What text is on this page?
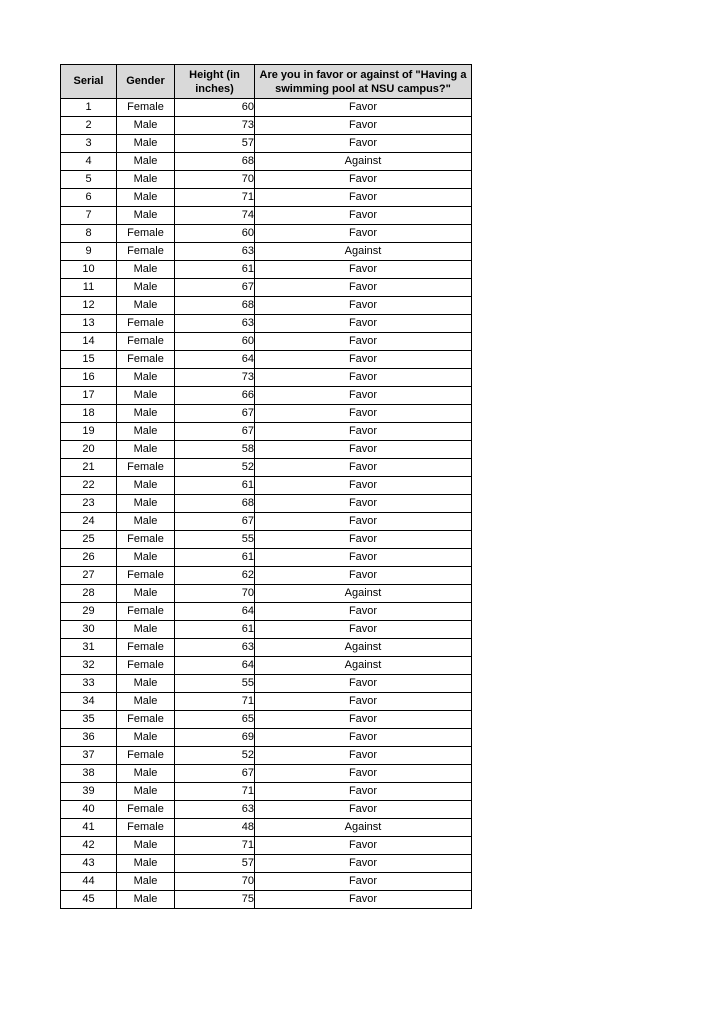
Serial	Gender	Height (in inches)	Are you in favor or against of "Having a swimming pool at NSU campus?"
1	Female	60	Favor
2	Male	73	Favor
3	Male	57	Favor
4	Male	68	Against
5	Male	70	Favor
6	Male	71	Favor
7	Male	74	Favor
8	Female	60	Favor
9	Female	63	Against
10	Male	61	Favor
11	Male	67	Favor
12	Male	68	Favor
13	Female	63	Favor
14	Female	60	Favor
15	Female	64	Favor
16	Male	73	Favor
17	Male	66	Favor
18	Male	67	Favor
19	Male	67	Favor
20	Male	58	Favor
21	Female	52	Favor
22	Male	61	Favor
23	Male	68	Favor
24	Male	67	Favor
25	Female	55	Favor
26	Male	61	Favor
27	Female	62	Favor
28	Male	70	Against
29	Female	64	Favor
30	Male	61	Favor
31	Female	63	Against
32	Female	64	Against
33	Male	55	Favor
34	Male	71	Favor
35	Female	65	Favor
36	Male	69	Favor
37	Female	52	Favor
38	Male	67	Favor
39	Male	71	Favor
40	Female	63	Favor
41	Female	48	Against
42	Male	71	Favor
43	Male	57	Favor
44	Male	70	Favor
45	Male	75	Favor
